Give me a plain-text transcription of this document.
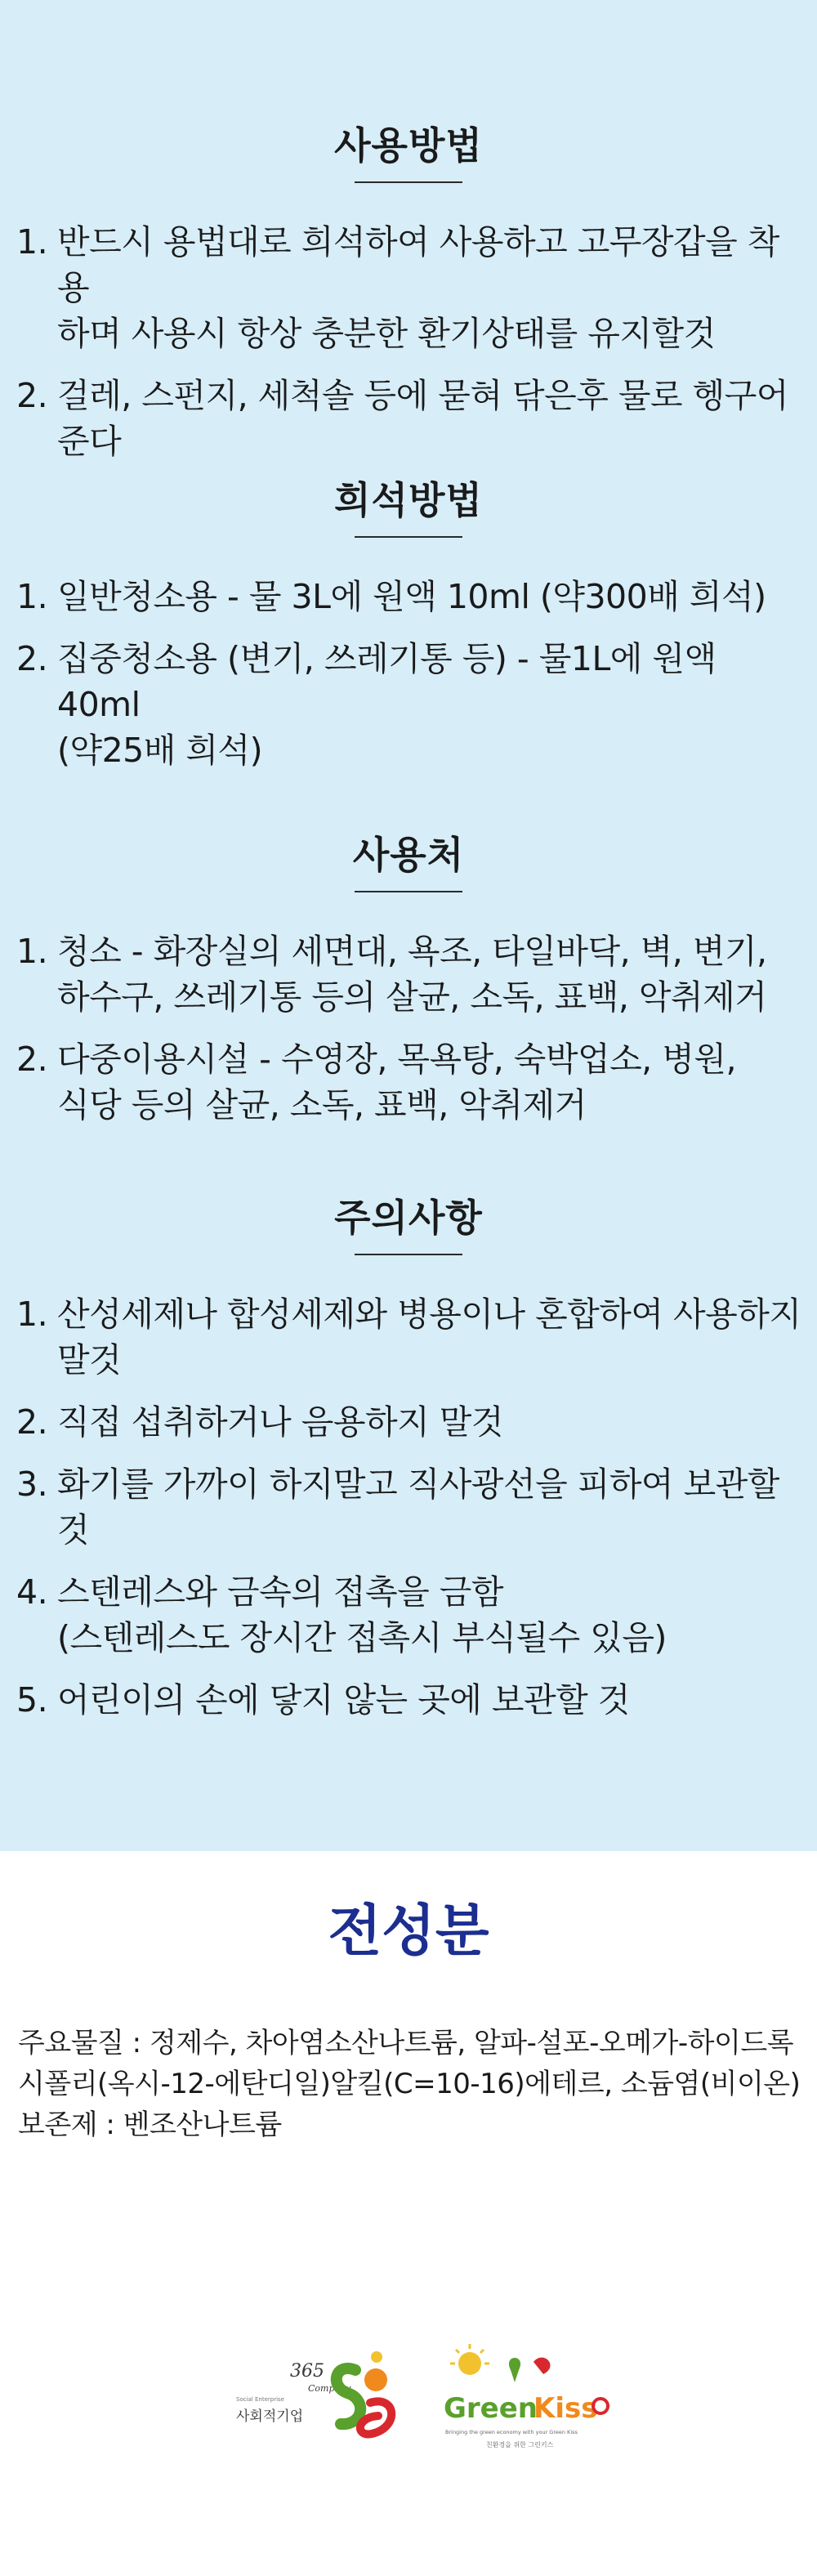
사용방법
1. 반드시 용법대로 희석하여 사용하고 고무장갑을 착용
하며 사용시 항상 충분한 환기상태를 유지할것
2. 걸레, 스펀지, 세척솔 등에 묻혀 닦은후 물로 헹구어
준다
희석방법
1. 일반청소용 - 물 3L에 원액 10ml (약300배 희석)
2. 집중청소용 (변기, 쓰레기통 등) - 물1L에 원액 40ml
(약25배 희석)
사용처
1. 청소 - 화장실의 세면대, 욕조, 타일바닥, 벽, 변기,
하수구, 쓰레기통 등의 살균, 소독, 표백, 악취제거
2. 다중이용시설 - 수영장, 목욕탕, 숙박업소, 병원,
식당 등의 살균, 소독, 표백, 악취제거
주의사항
1. 산성세제나 합성세제와 병용이나 혼합하여 사용하지
말것
2. 직접 섭취하거나 음용하지 말것
3. 화기를 가까이 하지말고 직사광선을 피하여 보관할 것
4. 스텐레스와 금속의 접촉을 금함
(스텐레스도 장시간 접촉시 부식될수 있음)
5. 어린이의 손에 닿지 않는 곳에 보관할 것
전성분

주요물질 : 정제수, 차아염소산나트륨, 알파-설포-오메가-하이드록시폴리(옥시-12-에탄디일)알킬(C=10-16)에테르, 소듐염(비이온)

보존제 : 벤조산나트륨

365
Company
Social Enterprise
사회적기업	Green
Kiss
Bringing the green economy with your Green Kiss
친환경을 위한 그린키스
